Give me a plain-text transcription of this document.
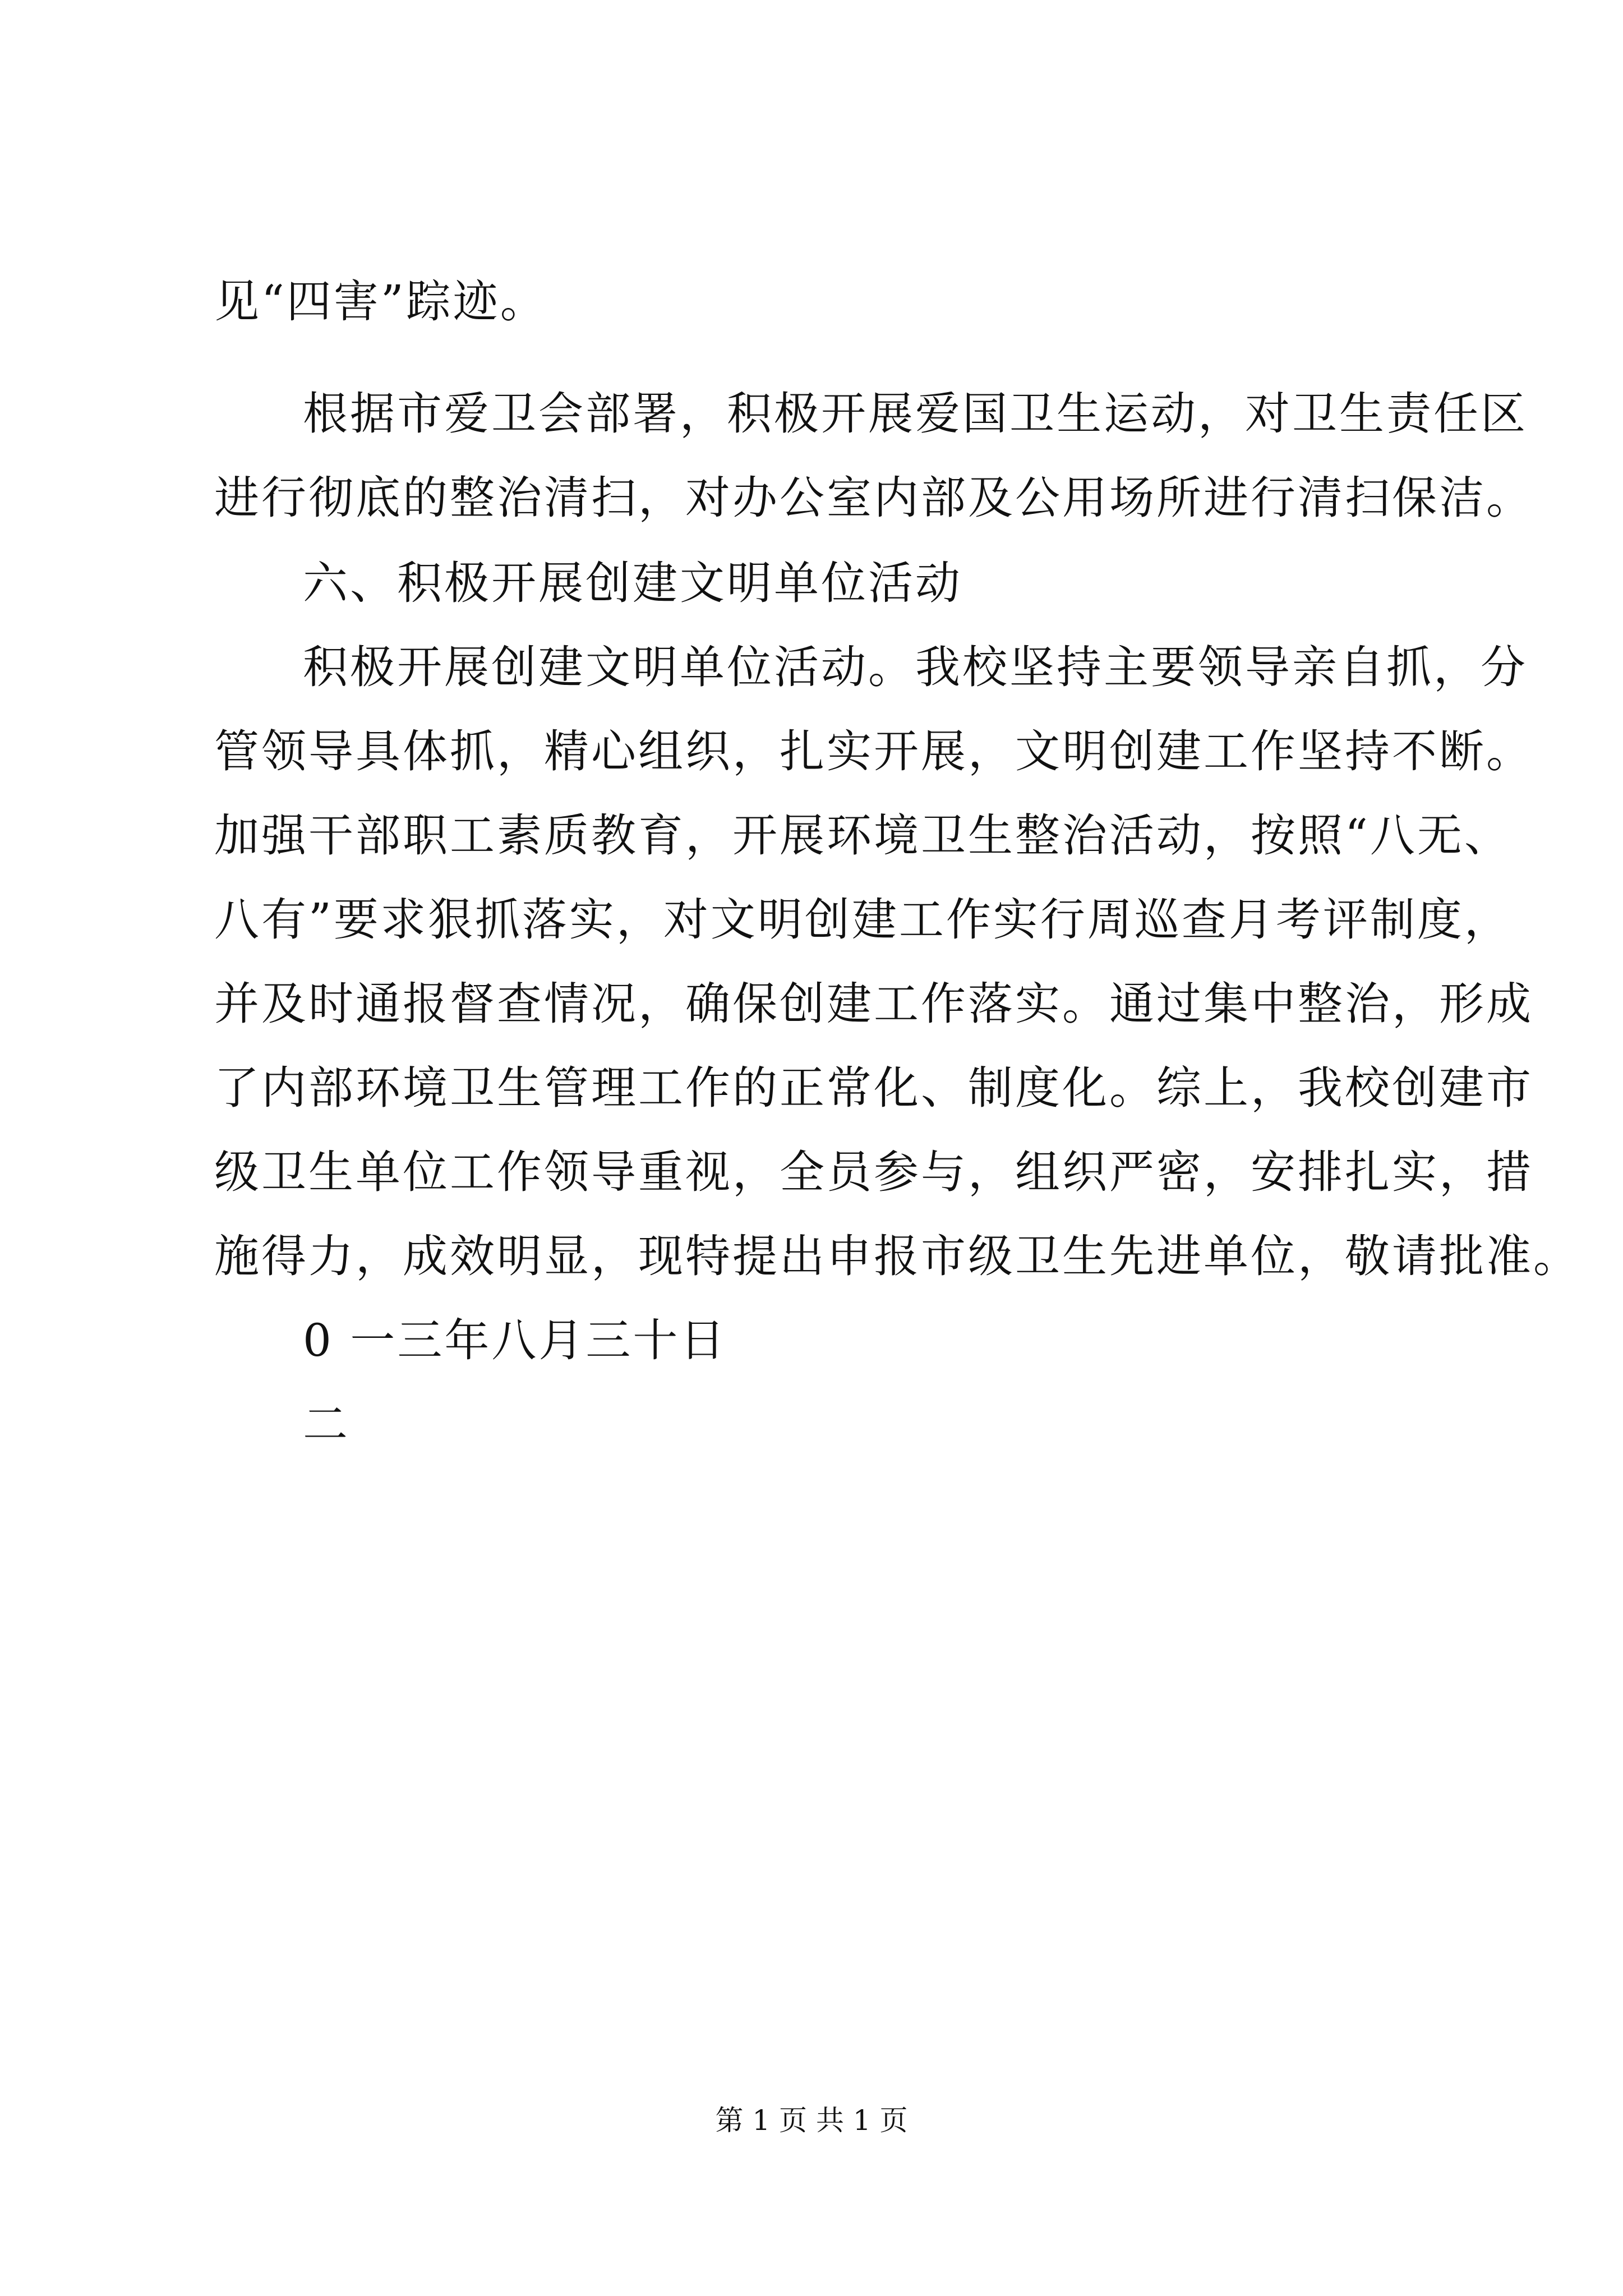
见“四害”踪迹。
根据市爱卫会部署，积极开展爱国卫生运动，对卫生责任区
进行彻底的整治清扫，对办公室内部及公用场所进行清扫保洁。
六、积极开展创建文明单位活动
积极开展创建文明单位活动。我校坚持主要领导亲自抓，分
管领导具体抓，精心组织，扎实开展，文明创建工作坚持不断。
加强干部职工素质教育，开展环境卫生整治活动，按照“八无、
八有”要求狠抓落实，对文明创建工作实行周巡查月考评制度，
并及时通报督查情况，确保创建工作落实。通过集中整治，形成
了内部环境卫生管理工作的正常化、制度化。综上，我校创建市
级卫生单位工作领导重视，全员参与，组织严密，安排扎实，措
施得力，成效明显，现特提出申报市级卫生先进单位，敬请批准。
0 一三年八月三十日
二
第 1 页 共 1 页
